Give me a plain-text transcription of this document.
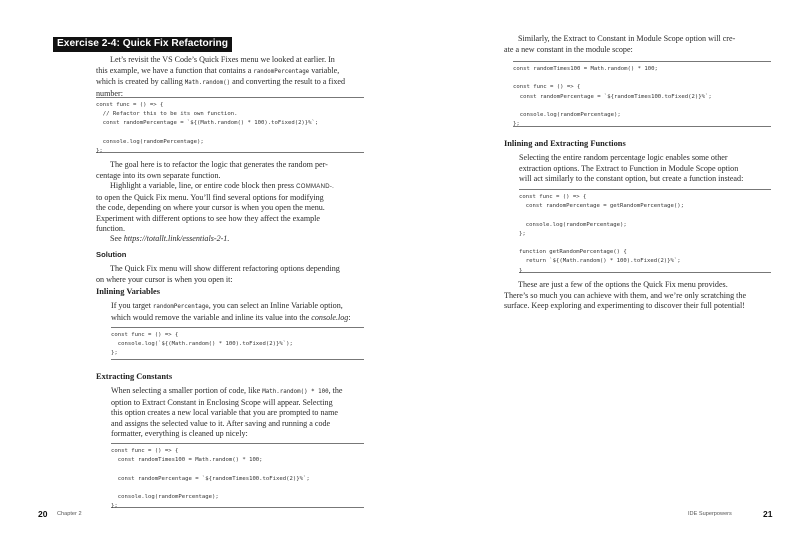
Exercise 2-4: Quick Fix Refactoring
Let’s revisit the VS Code’s Quick Fixes menu we looked at earlier. In
this example, we have a function that contains a randomPercentage variable,
which is created by calling Math.random() and converting the result to a fixed
number:
const func = () => {
// Refactor this to be its own function.
const randomPercentage = `${(Math.random() * 100).toFixed(2)}%`;

console.log(randomPercentage);
};
The goal here is to refactor the logic that generates the random per-
centage into its own separate function.
Highlight a variable, line, or entire code block then press COMMAND-.
to open the Quick Fix menu. You’ll find several options for modifying
the code, depending on where your cursor is when you open the menu.
Experiment with different options to see how they affect the example
function.
See https://totallt.link/essentials-2-1.
Solution
The Quick Fix menu will show different refactoring options depending
on where your cursor is when you open it:
Inlining Variables
If you target randomPercentage, you can select an Inline Variable option,
which would remove the variable and inline its value into the console.log:
const func = () => {
console.log(`${(Math.random() * 100).toFixed(2)}%`);
};
Extracting Constants
When selecting a smaller portion of code, like Math.random() * 100, the
option to Extract Constant in Enclosing Scope will appear. Selecting
this option creates a new local variable that you are prompted to name
and assigns the selected value to it. After saving and running a code
formatter, everything is cleaned up nicely:
const func = () => {
const randomTimes100 = Math.random() * 100;

const randomPercentage = `${randomTimes100.toFixed(2)}%`;

console.log(randomPercentage);
};
20 Chapter 2
Similarly, the Extract to Constant in Module Scope option will cre-
ate a new constant in the module scope:
const randomTimes100 = Math.random() * 100;

const func = () => {
const randomPercentage = `${randomTimes100.toFixed(2)}%`;

console.log(randomPercentage);
};
Inlining and Extracting Functions
Selecting the entire random percentage logic enables some other
extraction options. The Extract to Function in Module Scope option
will act similarly to the constant option, but create a function instead:
const func = () => {
const randomPercentage = getRandomPercentage();

console.log(randomPercentage);
};

function getRandomPercentage() {
return `${(Math.random() * 100).toFixed(2)}%`;
}
These are just a few of the options the Quick Fix menu provides.
There’s so much you can achieve with them, and we’re only scratching the
surface. Keep exploring and experimenting to discover their full potential!
IDE Superpowers	21
